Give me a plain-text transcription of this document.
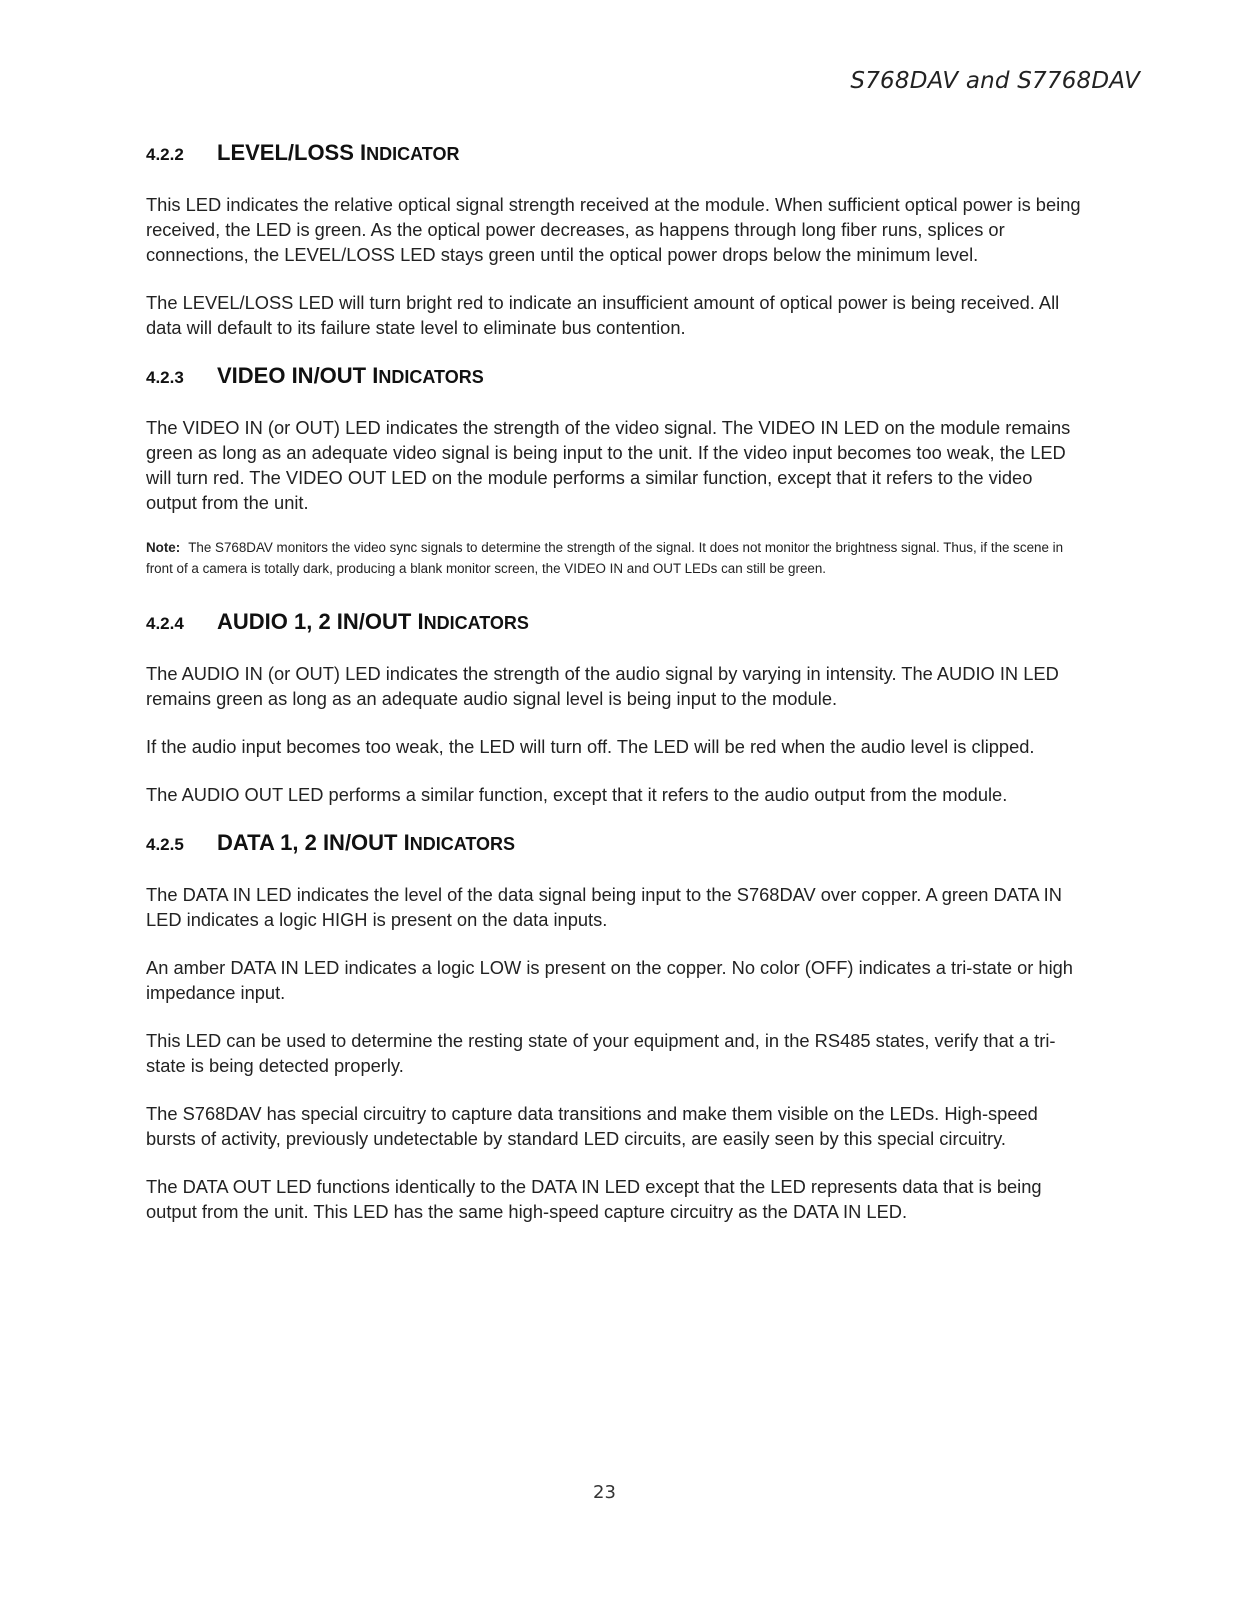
S768DAV and S7768DAV
4.2.2	LEVEL/LOSS INDICATOR

This LED indicates the relative optical signal strength received at the module. When sufficient optical power is being received, the LED is green. As the optical power decreases, as happens through long fiber runs, splices or connections, the LEVEL/LOSS LED stays green until the optical power drops below the minimum level.

The LEVEL/LOSS LED will turn bright red to indicate an insufficient amount of optical power is being received. All data will default to its failure state level to eliminate bus contention.

4.2.3	VIDEO IN/OUT INDICATORS

The VIDEO IN (or OUT) LED indicates the strength of the video signal. The VIDEO IN LED on the module remains green as long as an adequate video signal is being input to the unit. If the video input becomes too weak, the LED will turn red. The VIDEO OUT LED on the module performs a similar function, except that it refers to the video output from the unit.

Note: The S768DAV monitors the video sync signals to determine the strength of the signal. It does not monitor the brightness signal. Thus, if the scene in front of a camera is totally dark, producing a blank monitor screen, the VIDEO IN and OUT LEDs can still be green.

4.2.4	AUDIO 1, 2 IN/OUT INDICATORS

The AUDIO IN (or OUT) LED indicates the strength of the audio signal by varying in intensity. The AUDIO IN LED remains green as long as an adequate audio signal level is being input to the module.

If the audio input becomes too weak, the LED will turn off. The LED will be red when the audio level is clipped.

The AUDIO OUT LED performs a similar function, except that it refers to the audio output from the module.

4.2.5	DATA 1, 2 IN/OUT INDICATORS

The DATA IN LED indicates the level of the data signal being input to the S768DAV over copper. A green DATA IN LED indicates a logic HIGH is present on the data inputs.

An amber DATA IN LED indicates a logic LOW is present on the copper. No color (OFF) indicates a tri-state or high impedance input.

This LED can be used to determine the resting state of your equipment and, in the RS485 states, verify that a tri-state is being detected properly.

The S768DAV has special circuitry to capture data transitions and make them visible on the LEDs. High-speed bursts of activity, previously undetectable by standard LED circuits, are easily seen by this special circuitry.

The DATA OUT LED functions identically to the DATA IN LED except that the LED represents data that is being output from the unit. This LED has the same high-speed capture circuitry as the DATA IN LED.

23
